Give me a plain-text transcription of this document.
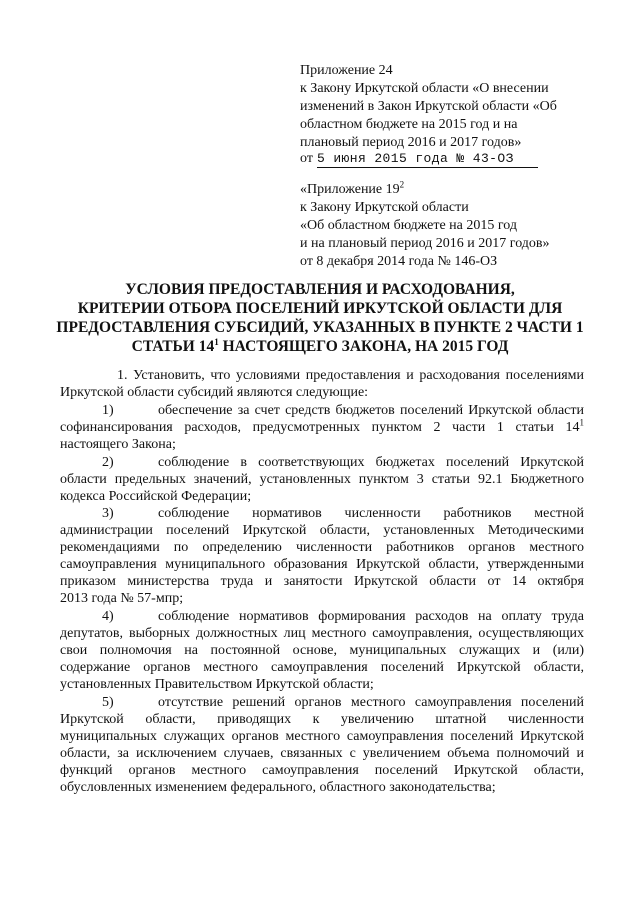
Приложение 24
к Закону Иркутской области «О внесении
изменений в Закон Иркутской области «Об
областном бюджете на 2015 год и на
плановый период 2016 и 2017 годов»
от 5 июня 2015 года № 43-ОЗ
«Приложение $19^2$
к Закону Иркутской области
«Об областном бюджете на 2015 год
и на плановый период 2016 и 2017 годов»
от 8 декабря 2014 года № 146-ОЗ
УСЛОВИЯ ПРЕДОСТАВЛЕНИЯ И РАСХОДОВАНИЯ,
КРИТЕРИИ ОТБОРА ПОСЕЛЕНИЙ ИРКУТСКОЙ ОБЛАСТИ ДЛЯ
ПРЕДОСТАВЛЕНИЯ СУБСИДИЙ, УКАЗАННЫХ В ПУНКТЕ 2 ЧАСТИ 1
СТАТЬИ $14^1$ НАСТОЯЩЕГО ЗАКОНА, НА 2015 ГОД
1. Установить, что условиями предоставления и расходования поселениями
Иркутской области субсидий являются следующие:
1)	обеспечение за счет средств бюджетов поселений Иркутской области
софинансирования расходов, предусмотренных пунктом 2 части 1 статьи $14^1$
настоящего Закона;
2)	соблюдение в соответствующих бюджетах поселений Иркутской
области предельных значений, установленных пунктом 3 статьи 92.1 Бюджетного
кодекса Российской Федерации;
3)	соблюдение нормативов численности работников местной
администрации поселений Иркутской области, установленных Методическими
рекомендациями по определению численности работников органов местного
самоуправления муниципального образования Иркутской области, утвержденными
приказом министерства труда и занятости Иркутской области от 14 октября
2013 года № 57-мпр;
4)	соблюдение нормативов формирования расходов на оплату труда
депутатов, выборных должностных лиц местного самоуправления, осуществляющих
свои полномочия на постоянной основе, муниципальных служащих и (или)
содержание органов местного самоуправления поселений Иркутской области,
установленных Правительством Иркутской области;
5)	отсутствие решений органов местного самоуправления поселений
Иркутской области, приводящих к увеличению штатной численности
муниципальных служащих органов местного самоуправления поселений Иркутской
области, за исключением случаев, связанных с увеличением объема полномочий и
функций органов местного самоуправления поселений Иркутской области,
обусловленных изменением федерального, областного законодательства;
